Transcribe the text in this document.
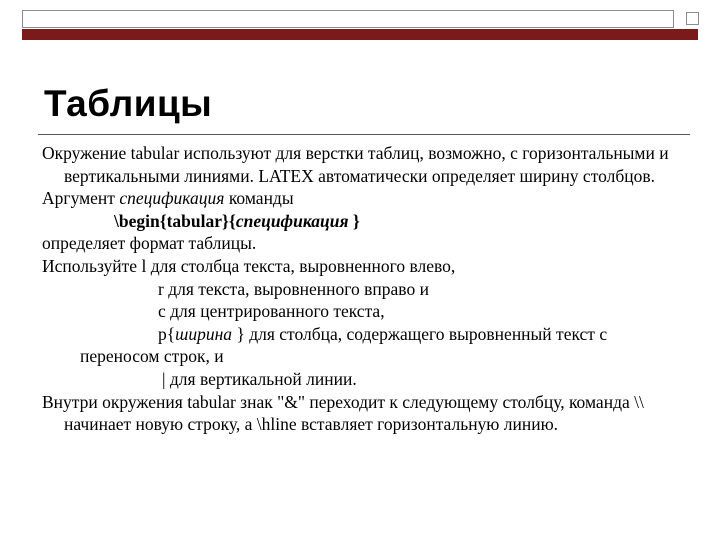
Таблицы

Окружение tabular используют для верстки таблиц, возможно, с горизонтальными и вертикальными линиями. LATEX автоматически определяет ширину столбцов.

Аргумент спецификация команды

\begin{tabular}{спецификация }

определяет формат таблицы.

Используйте l для столбца текста, выровненного влево,

r для текста, выровненного вправо и

c для центрированного текста,

p{ширина } для столбца, содержащего выровненный текст с

переносом строк, и

| для вертикальной линии.

Внутри окружения tabular знак "&" переходит к следующему столбцу, команда \\ начинает новую строку, а \hline вставляет горизонтальную линию.
